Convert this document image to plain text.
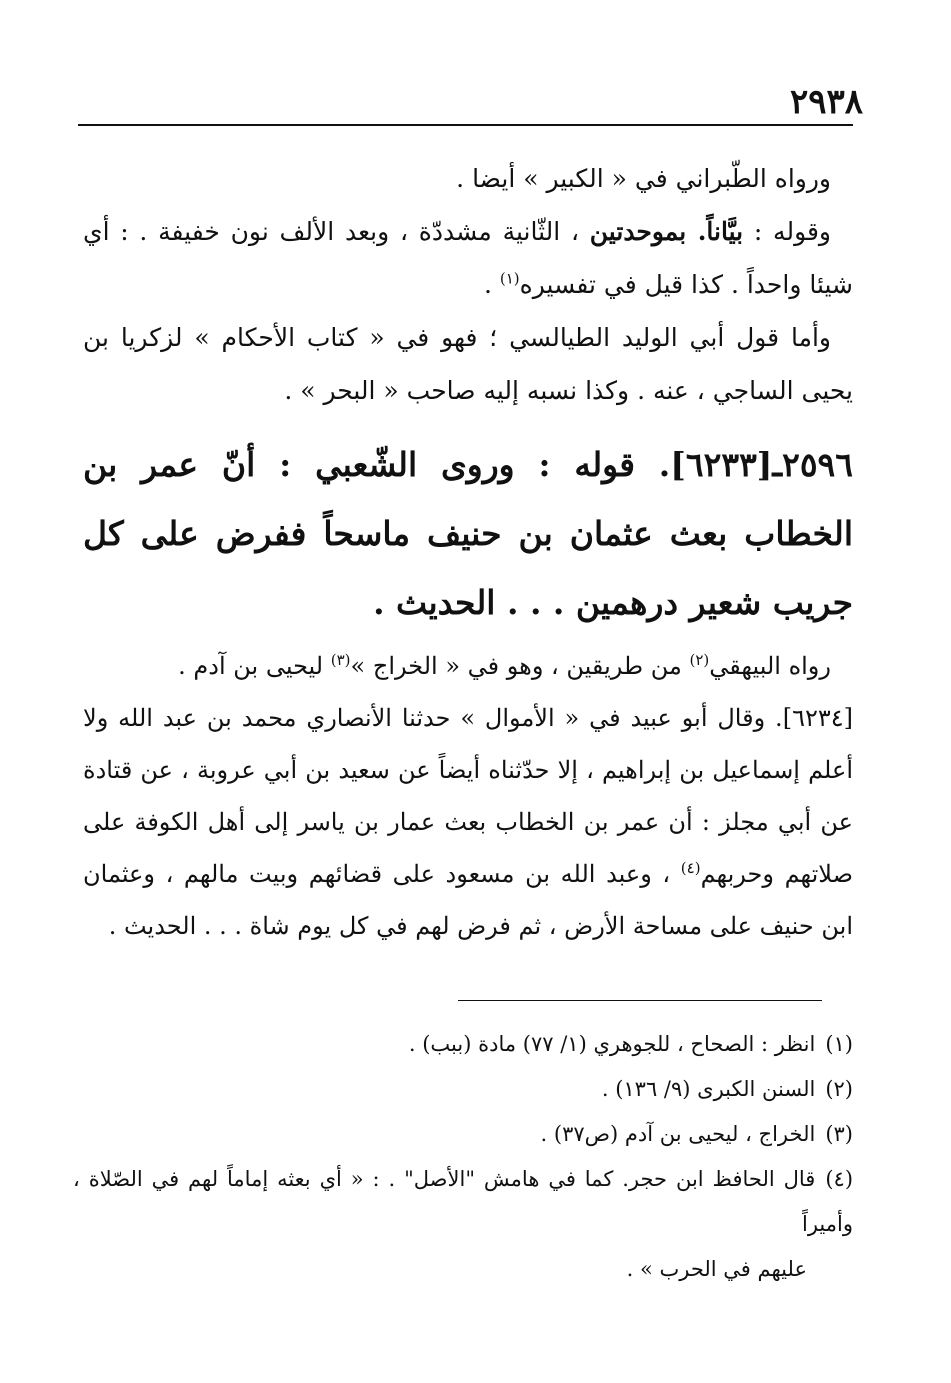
٢٩٣٨

ورواه الطّبراني في « الكبير » أيضا .

وقوله : بيَّاناً. بموحدتين ، الثّانية مشددّة ، وبعد الألف نون خفيفة . : أي شيئا واحداً . كذا قيل في تفسيره$^{(١)}$ .

وأما قول أبي الوليد الطيالسي ؛ فهو في « كتاب الأحكام » لزكريا بن يحيى الساجي ، عنه . وكذا نسبه إليه صاحب « البحر » .

٢٥٩٦ـ[٦٢٣٣]. قوله : وروى الشّعبي : أنّ عمر بن الخطاب بعث عثمان بن حنيف ماسحاً ففرض على كل جريب شعير درهمين . . . الحديث .

رواه البيهقي$^{(٢)}$ من طريقين ، وهو في « الخراج »$^{(٣)}$ ليحيى بن آدم .

[٦٢٣٤]. وقال أبو عبيد في « الأموال » حدثنا الأنصاري محمد بن عبد الله ولا أعلم إسماعيل بن إبراهيم ، إلا حدّثناه أيضاً عن سعيد بن أبي عروبة ، عن قتادة عن أبي مجلز : أن عمر بن الخطاب بعث عمار بن ياسر إلى أهل الكوفة على صلاتهم وحربهم$^{(٤)}$ ، وعبد الله بن مسعود على قضائهم وبيت مالهم ، وعثمان ابن حنيف على مساحة الأرض ، ثم فرض لهم في كل يوم شاة . . . الحديث .

(١)انظر : الصحاح ، للجوهري (١/ ٧٧) مادة (ببب) .

(٢)السنن الكبرى (٩/ ١٣٦) .

(٣)الخراج ، ليحيى بن آدم (ص٣٧) .

(٤)قال الحافظ ابن حجر. كما في هامش "الأصل" . : « أي بعثه إماماً لهم في الصّلاة ، وأميراً

عليهم في الحرب » .
